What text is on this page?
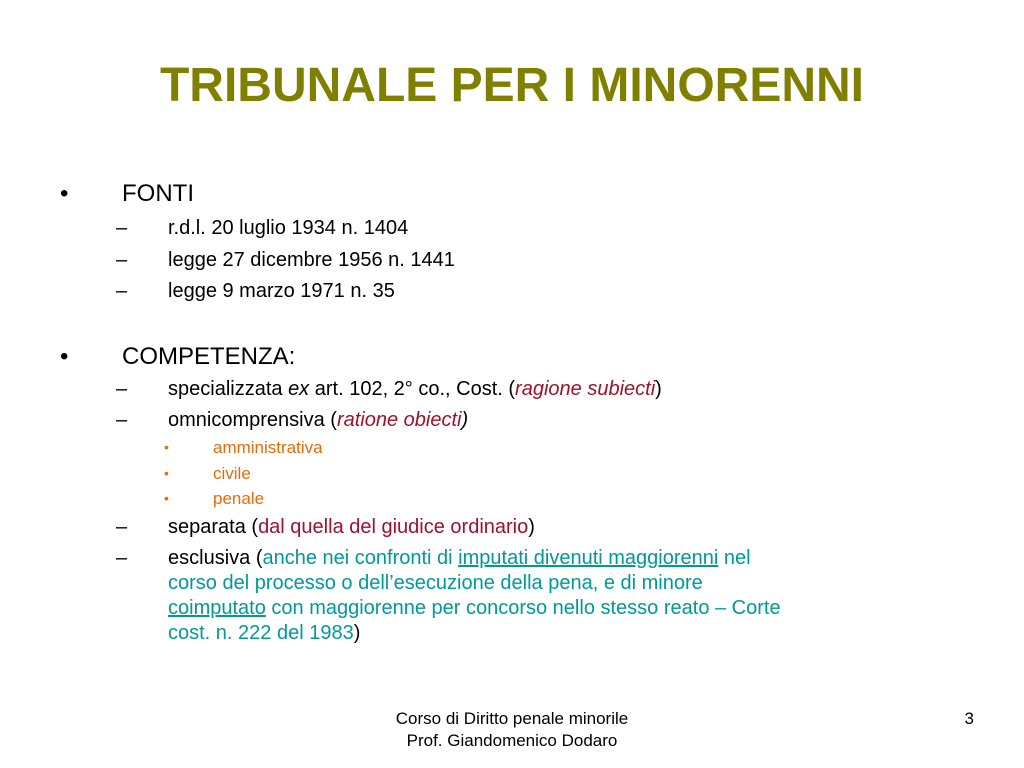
TRIBUNALE PER I MINORENNI
• FONTI
– r.d.l. 20 luglio 1934 n. 1404
– legge 27 dicembre 1956 n. 1441
– legge 9 marzo 1971 n. 35
• COMPETENZA:
– specializzata ex art. 102, 2° co., Cost. (ragione subiecti)
– omnicomprensiva (ratione obiecti)
•	amministrativa
•	civile
•	penale
– separata (dal quella del giudice ordinario)
– esclusiva (anche nei confronti di imputati divenuti maggiorenni nel
corso del processo o dell’esecuzione della pena, e di minore
coimputato con maggiorenne per concorso nello stesso reato – Corte
cost. n. 222 del 1983)
Corso di Diritto penale minorile
Prof. Giandomenico Dodaro
3
